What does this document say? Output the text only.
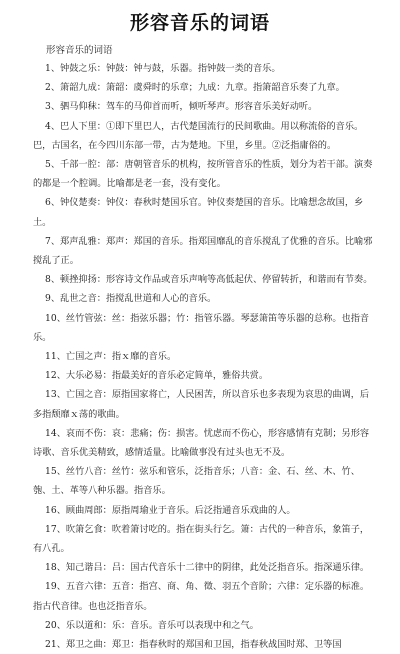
形容音乐的词语
形容音乐的词语

1、钟鼓之乐：钟鼓：钟与鼓，乐器。指钟鼓一类的音乐。

2、箫韶九成：箫韶：虞舜时的乐章；九成：九章。指箫韶音乐奏了九章。

3、驷马仰秣：驾车的马仰首而听，倾听琴声。形容音乐美好动听。

4、巴人下里：①即下里巴人，古代楚国流行的民间歌曲。用以称流俗的音乐。巴，古国名，在今四川东部一带，古为楚地。下里，乡里。②泛指庸俗的。

5、千部一腔：部：唐朝管音乐的机构，按所管音乐的性质，划分为若干部。演奏的都是一个腔调。比喻都是老一套，没有变化。

6、钟仪楚奏：钟仪：春秋时楚国乐官。钟仪奏楚国的音乐。比喻想念故国，乡土。

7、郑声乱雅：郑声：郑国的音乐。指郑国靡乱的音乐搅乱了优雅的音乐。比喻邪搅乱了正。

8、顿挫抑扬：形容诗文作品或音乐声响等高低起伏、停留转折，和谐而有节奏。

9、乱世之音：指搅乱世道和人心的音乐。

10、丝竹管弦：丝：指弦乐器；竹：指管乐器。琴瑟箫笛等乐器的总称。也指音乐。

11、亡国之声：指ｘ靡的音乐。

12、大乐必易：指最美好的音乐必定简单，雅俗共赏。

13、亡国之音：原指国家将亡，人民困苦，所以音乐也多表现为哀思的曲调，后多指颓靡ｘ荡的歌曲。

14、哀而不伤：哀：悲痛；伤：损害。忧虑而不伤心，形容感情有克制；另形容诗歌、音乐优美精致，感情适量。比喻做事没有过头也无不及。

15、丝竹八音：丝竹：弦乐和管乐，泛指音乐；八音：金、石、丝、木、竹、匏、土、革等八种乐器。指音乐。

16、顾曲周郎：原指周瑜业于音乐。后泛指通音乐戏曲的人。

17、吹箫乞食：吹着箫讨吃的。指在街头行乞。箫：古代的一种音乐，象笛子，有八孔。

18、知己谐吕：吕：国古代音乐十二律中的阴律，此处泛指音乐。指深通乐律。

19、五音六律：五音：指宫、商、角、徵、羽五个音阶；六律：定乐器的标准。指古代音律。也也泛指音乐。

20、乐以道和：乐：音乐。音乐可以表现中和之气。

21、郑卫之曲：郑卫：指春秋时的郑国和卫国，指春秋战国时郑、卫等国
